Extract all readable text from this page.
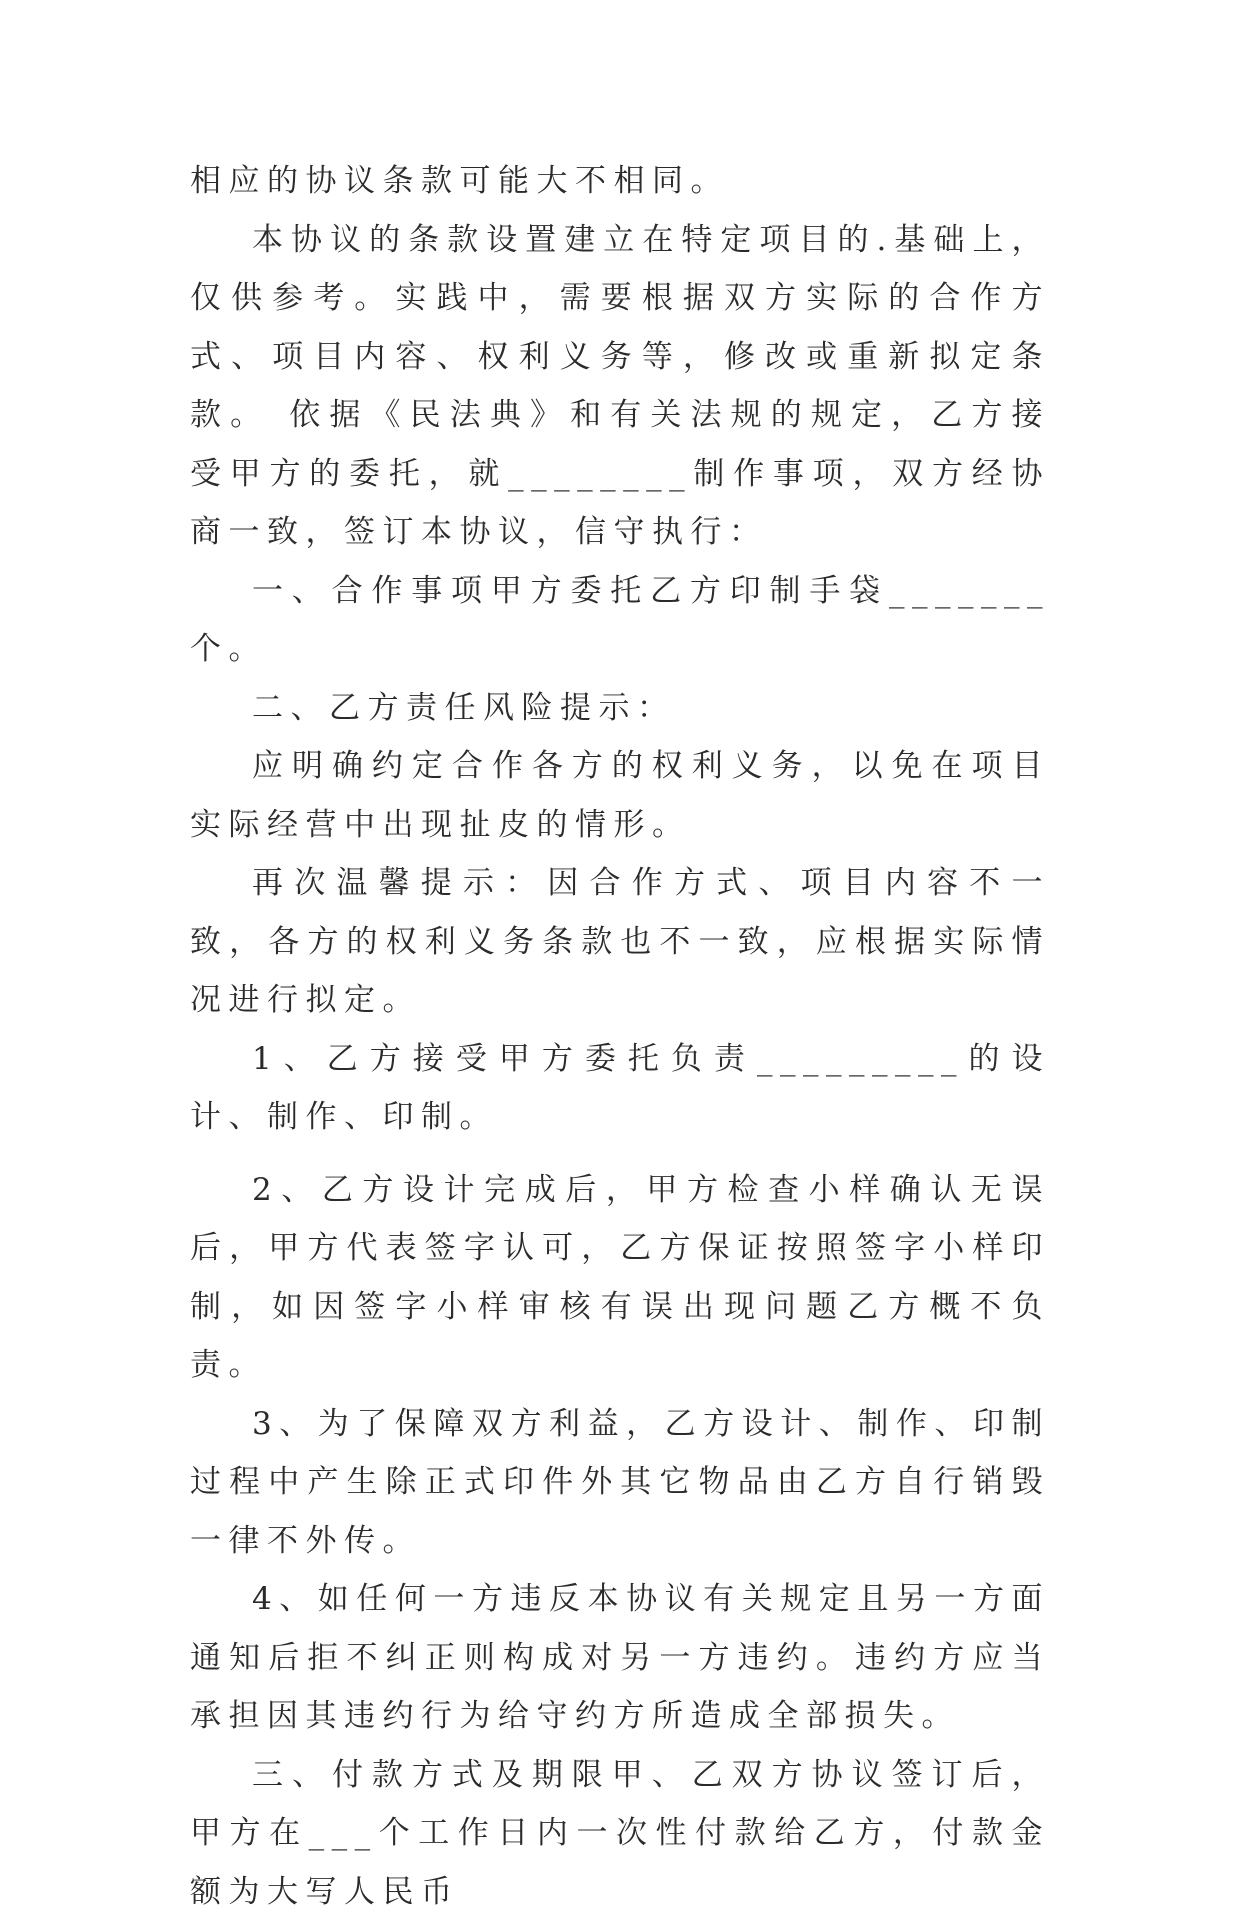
相应的协议条款可能大不相同。

本协议的条款设置建立在特定项目的.基础上，仅供参考。实践中，需要根据双方实际的合作方式、项目内容、权利义务等，修改或重新拟定条款。 依据《民法典》和有关法规的规定，乙方接受甲方的委托，就________制作事项，双方经协商一致，签订本协议，信守执行：

一、合作事项甲方委托乙方印制手袋_______个。

二、乙方责任风险提示：

应明确约定合作各方的权利义务，以免在项目实际经营中出现扯皮的情形。

再次温馨提示：因合作方式、项目内容不一致，各方的权利义务条款也不一致，应根据实际情况进行拟定。

1、乙方接受甲方委托负责_________的设计、制作、印制。

2、乙方设计完成后，甲方检查小样确认无误后，甲方代表签字认可，乙方保证按照签字小样印制，如因签字小样审核有误出现问题乙方概不负责。

3、为了保障双方利益，乙方设计、制作、印制过程中产生除正式印件外其它物品由乙方自行销毁一律不外传。

4、如任何一方违反本协议有关规定且另一方面通知后拒不纠正则构成对另一方违约。违约方应当承担因其违约行为给守约方所造成全部损失。

三、付款方式及期限甲、乙双方协议签订后，甲方在___个工作日内一次性付款给乙方，付款金额为大写人民币
